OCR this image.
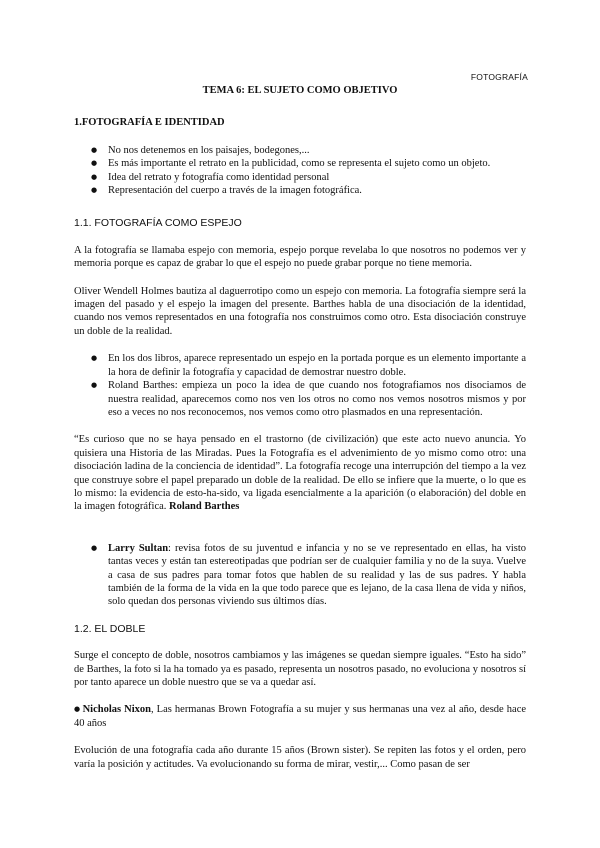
FOTOGRAFÍA
TEMA 6: EL SUJETO COMO OBJETIVO
1.FOTOGRAFÍA E IDENTIDAD
● No nos detenemos en los paisajes, bodegones,...
● Es más importante el retrato en la publicidad, como se representa el sujeto como un objeto.
● Idea del retrato y fotografía como identidad personal
● Representación del cuerpo a través de la imagen fotográfica.
1.1. FOTOGRAFÍA COMO ESPEJO

A la fotografía se llamaba espejo con memoria, espejo porque revelaba lo que nosotros no podemos ver y memoria porque es capaz de grabar lo que el espejo no puede grabar porque no tiene memoria.

Oliver Wendell Holmes bautiza al daguerrotipo como un espejo con memoria. La fotografía siempre será la imagen del pasado y el espejo la imagen del presente. Barthes habla de una disociación de la identidad, cuando nos vemos representados en una fotografía nos construimos como otro. Esta disociación construye un doble de la realidad.

● En los dos libros, aparece representado un espejo en la portada porque es un elemento importante a la hora de definir la fotografía y capacidad de demostrar nuestro doble.
● Roland Barthes: empieza un poco la idea de que cuando nos fotografiamos nos disociamos de nuestra realidad, aparecemos como nos ven los otros no como nos vemos nosotros mismos y por eso a veces no nos reconocemos, nos vemos como otro plasmados en una representación.

“Es curioso que no se haya pensado en el trastorno (de civilización) que este acto nuevo anuncia. Yo quisiera una Historia de las Miradas. Pues la Fotografía es el advenimiento de yo mismo como otro: una disociación ladina de la conciencia de identidad”. La fotografía recoge una interrupción del tiempo a la vez que construye sobre el papel preparado un doble de la realidad. De ello se infiere que la muerte, o lo que es lo mismo: la evidencia de esto-ha-sido, va ligada esencialmente a la aparición (o elaboración) del doble en la imagen fotográfica. Roland Barthes

● Larry Sultan: revisa fotos de su juventud e infancia y no se ve representado en ellas, ha visto tantas veces y están tan estereotipadas que podrían ser de cualquier familia y no de la suya. Vuelve a casa de sus padres para tomar fotos que hablen de su realidad y las de sus padres. Y habla también de la forma de la vida en la que todo parece que es lejano, de la casa llena de vida y niños, solo quedan dos personas viviendo sus últimos días.
1.2. EL DOBLE

Surge el concepto de doble, nosotros cambiamos y las imágenes se quedan siempre iguales. “Esto ha sido” de Barthes, la foto si la ha tomado ya es pasado, representa un nosotros pasado, no evoluciona y nosotros sí por tanto aparece un doble nuestro que se va a quedar así.

● Nicholas Nixon, Las hermanas Brown Fotografía a su mujer y sus hermanas una vez al año, desde hace 40 años

Evolución de una fotografía cada año durante 15 años (Brown sister). Se repiten las fotos y el orden, pero varía la posición y actitudes. Va evolucionando su forma de mirar, vestir,... Como pasan de ser
